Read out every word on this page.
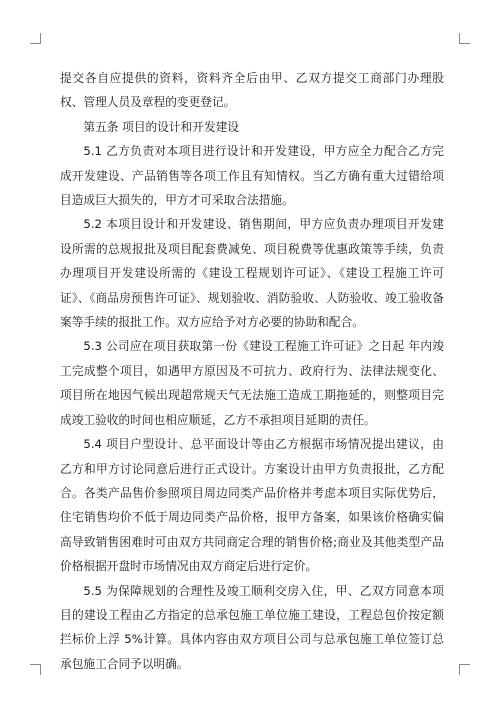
提交各自应提供的资料，资料齐全后由甲、乙双方提交工商部门办理股权、管理人员及章程的变更登记。

第五条 项目的设计和开发建设

5.1 乙方负责对本项目进行设计和开发建设，甲方应全力配合乙方完成开发建设、产品销售等各项工作且有知情权。当乙方确有重大过错给项目造成巨大损失的，甲方才可采取合法措施。

5.2 本项目设计和开发建设、销售期间，甲方应负责办理项目开发建设所需的总规报批及项目配套费减免、项目税费等优惠政策等手续，负责办理项目开发建设所需的《建设工程规划许可证》、《建设工程施工许可证》、《商品房预售许可证》、规划验收、消防验收、人防验收、竣工验收备案等手续的报批工作。双方应给予对方必要的协助和配合。

5.3 公司应在项目获取第一份《建设工程施工许可证》之日起 年内竣工完成整个项目，如遇甲方原因及不可抗力、政府行为、法律法规变化、项目所在地因气候出现超常规天气无法施工造成工期拖延的，则整项目完成竣工验收的时间也相应顺延，乙方不承担项目延期的责任。

5.4 项目户型设计、总平面设计等由乙方根据市场情况提出建议，由乙方和甲方讨论同意后进行正式设计。方案设计由甲方负责报批，乙方配合。各类产品售价参照项目周边同类产品价格并考虑本项目实际优势后，住宅销售均价不低于周边同类产品价格，报甲方备案，如果该价格确实偏高导致销售困难时可由双方共同商定合理的销售价格;商业及其他类型产品价格根据开盘时市场情况由双方商定后进行定价。

5.5 为保障规划的合理性及竣工顺利交房入住，甲、乙双方同意本项目的建设工程由乙方指定的总承包施工单位施工建设，工程总包价按定额拦标价上浮 5%计算。具体内容由双方项目公司与总承包施工单位签订总承包施工合同予以明确。
